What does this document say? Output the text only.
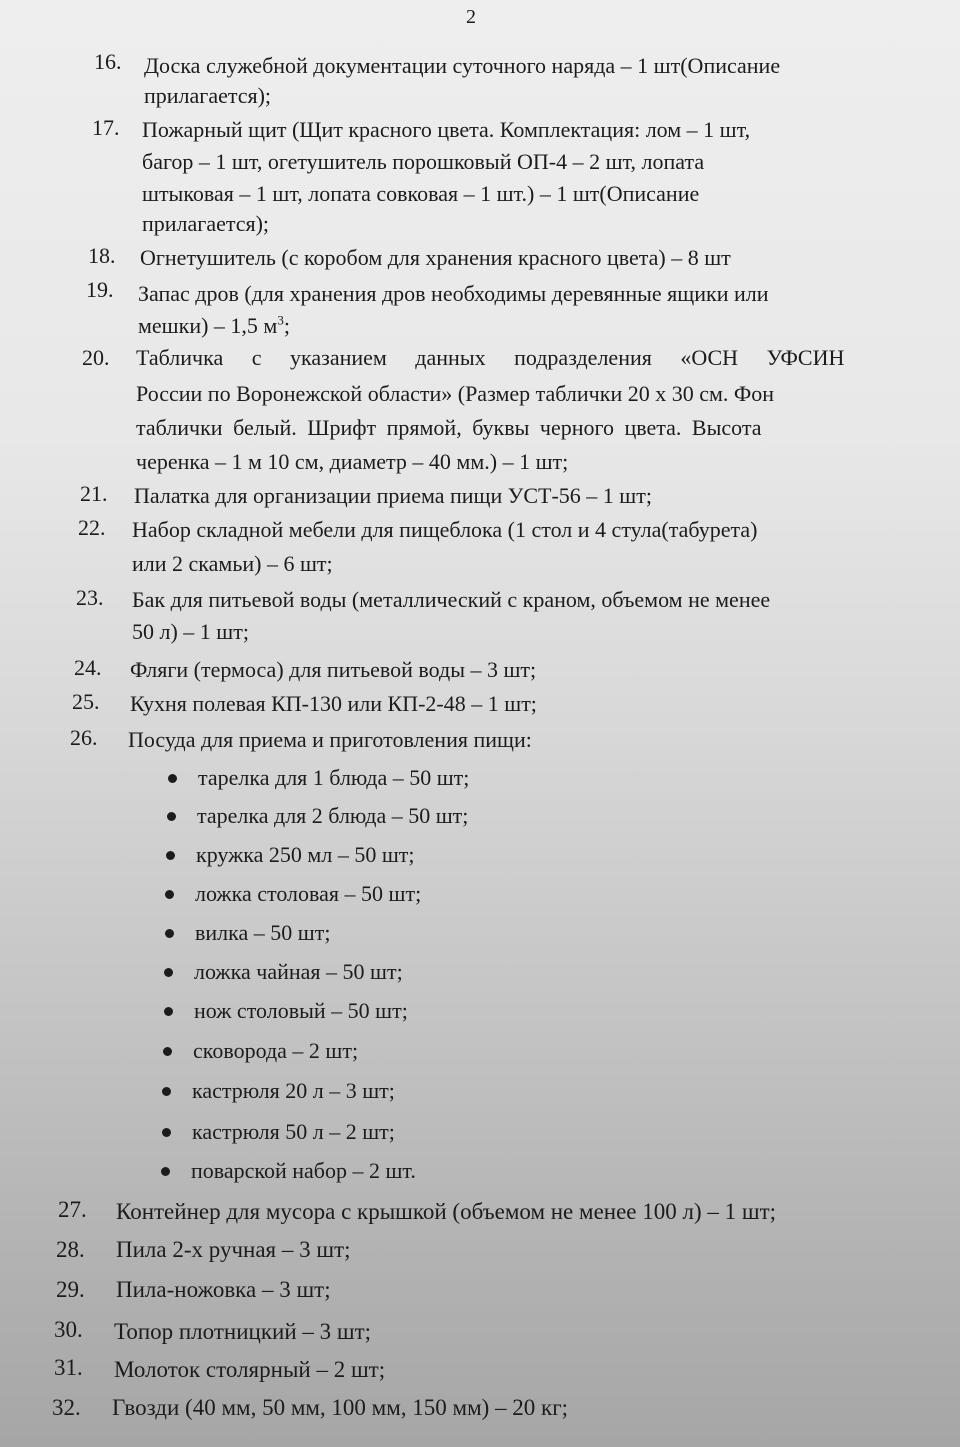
2
16. Доска служебной документации суточного наряда – 1 шт(Описание
прилагается);
17. Пожарный щит (Щит красного цвета. Комплектация: лом – 1 шт,
багор – 1 шт, огетушитель порошковый ОП-4 – 2 шт, лопата
штыковая – 1 шт, лопата совковая – 1 шт.) – 1 шт(Описание
прилагается);
18. Огнетушитель (с коробом для хранения красного цвета) – 8 шт
19. Запас дров (для хранения дров необходимы деревянные ящики или
мешки) – 1,5 $м^3$;
20. Табличка с указанием данных подразделения «ОСН УФСИН
России по Воронежской области» (Размер таблички 20 х 30 см. Фон
таблички белый. Шрифт прямой, буквы черного цвета. Высота
черенка – 1 м 10 см, диаметр – 40 мм.) – 1 шт;
21. Палатка для организации приема пищи УСТ-56 – 1 шт;
22. Набор складной мебели для пищеблока (1 стол и 4 стула(табурета)
или 2 скамьи) – 6 шт;
23. Бак для питьевой воды (металлический с краном, объемом не менее
50 л) – 1 шт;
24. Фляги (термоса) для питьевой воды – 3 шт;
25. Кухня полевая КП-130 или КП-2-48 – 1 шт;
26. Посуда для приема и приготовления пищи:
тарелка для 1 блюда – 50 шт;
тарелка для 2 блюда – 50 шт;
кружка 250 мл – 50 шт;
ложка столовая – 50 шт;
вилка – 50 шт;
ложка чайная – 50 шт;
нож столовый – 50 шт;
сковорода – 2 шт;
кастрюля 20 л – 3 шт;
кастрюля 50 л – 2 шт;
поварской набор – 2 шт.
27. Контейнер для мусора с крышкой (объемом не менее 100 л) – 1 шт;
28. Пила 2-х ручная – 3 шт;
29. Пила-ножовка – 3 шт;
30. Топор плотницкий – 3 шт;
31. Молоток столярный – 2 шт;
32. Гвозди (40 мм, 50 мм, 100 мм, 150 мм) – 20 кг;
